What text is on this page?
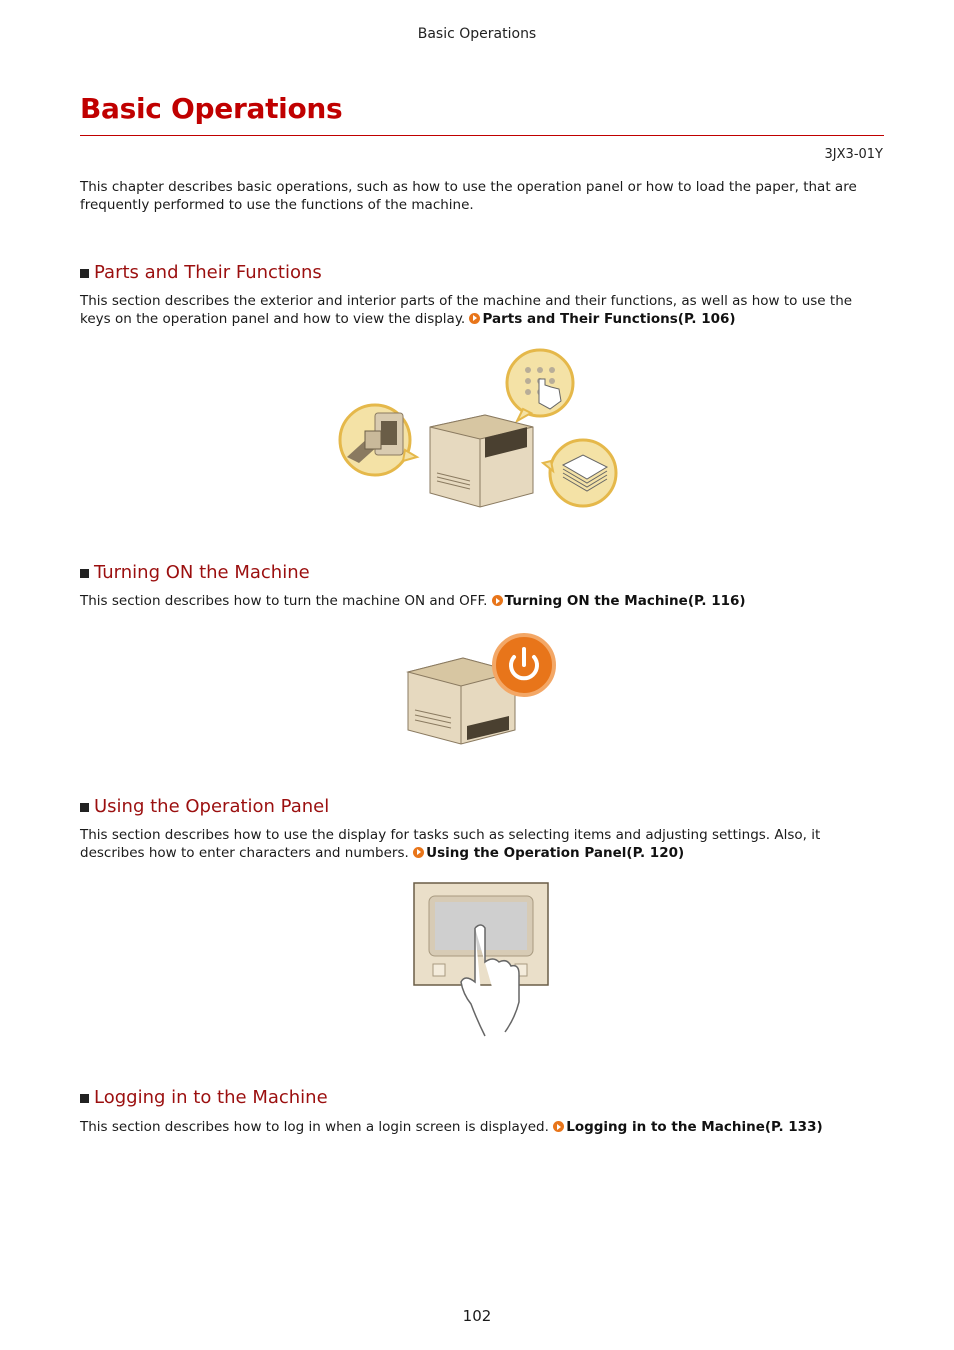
Basic Operations
Basic Operations
3JX3-01Y

This chapter describes basic operations, such as how to use the operation panel or how to load the paper, that are frequently performed to use the functions of the machine.

Parts and Their Functions

This section describes the exterior and interior parts of the machine and their functions, as well as how to use the keys on the operation panel and how to view the display. Parts and Their Functions(P. 106)

Turning ON the Machine

This section describes how to turn the machine ON and OFF. Turning ON the Machine(P. 116)

Using the Operation Panel

This section describes how to use the display for tasks such as selecting items and adjusting settings. Also, it describes how to enter characters and numbers. Using the Operation Panel(P. 120)

Logging in to the Machine

This section describes how to log in when a login screen is displayed. Logging in to the Machine(P. 133)

102
